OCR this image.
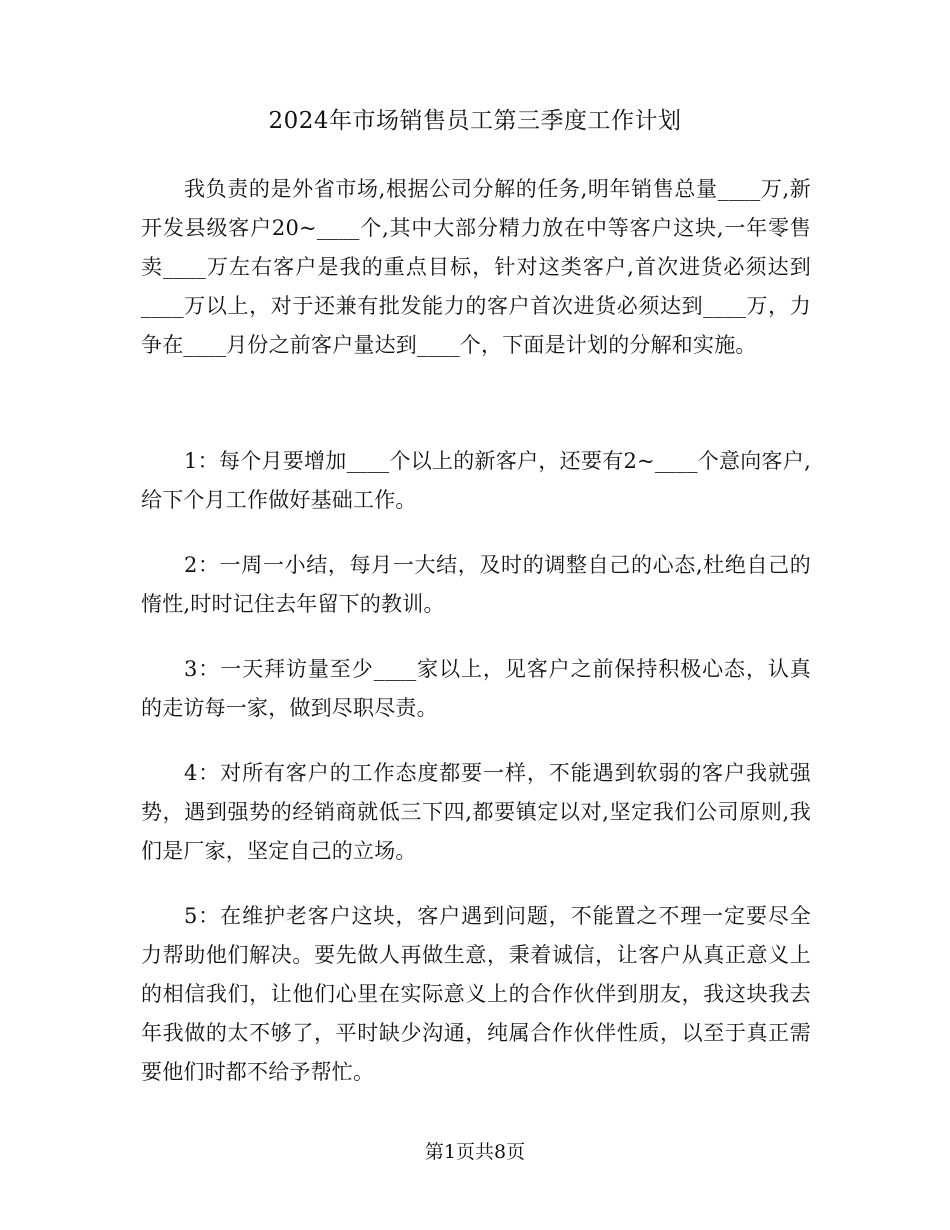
2024年市场销售员工第三季度工作计划

我负责的是外省市场,根据公司分解的任务,明年销售总量____万,新开发县级客户20~____个,其中大部分精力放在中等客户这块,一年零售卖____万左右客户是我的重点目标，针对这类客户,首次进货必须达到____万以上，对于还兼有批发能力的客户首次进货必须达到____万，力争在____月份之前客户量达到____个，下面是计划的分解和实施。

1：每个月要增加____个以上的新客户，还要有2~____个意向客户,给下个月工作做好基础工作。

2：一周一小结，每月一大结，及时的调整自己的心态,杜绝自己的惰性,时时记住去年留下的教训。

3：一天拜访量至少____家以上，见客户之前保持积极心态，认真的走访每一家，做到尽职尽责。

4：对所有客户的工作态度都要一样，不能遇到软弱的客户我就强势，遇到强势的经销商就低三下四,都要镇定以对,坚定我们公司原则,我们是厂家，坚定自己的立场。

5：在维护老客户这块，客户遇到问题，不能置之不理一定要尽全力帮助他们解决。要先做人再做生意，秉着诚信，让客户从真正意义上的相信我们，让他们心里在实际意义上的合作伙伴到朋友，我这块我去年我做的太不够了，平时缺少沟通，纯属合作伙伴性质，以至于真正需要他们时都不给予帮忙。

第1页共8页
